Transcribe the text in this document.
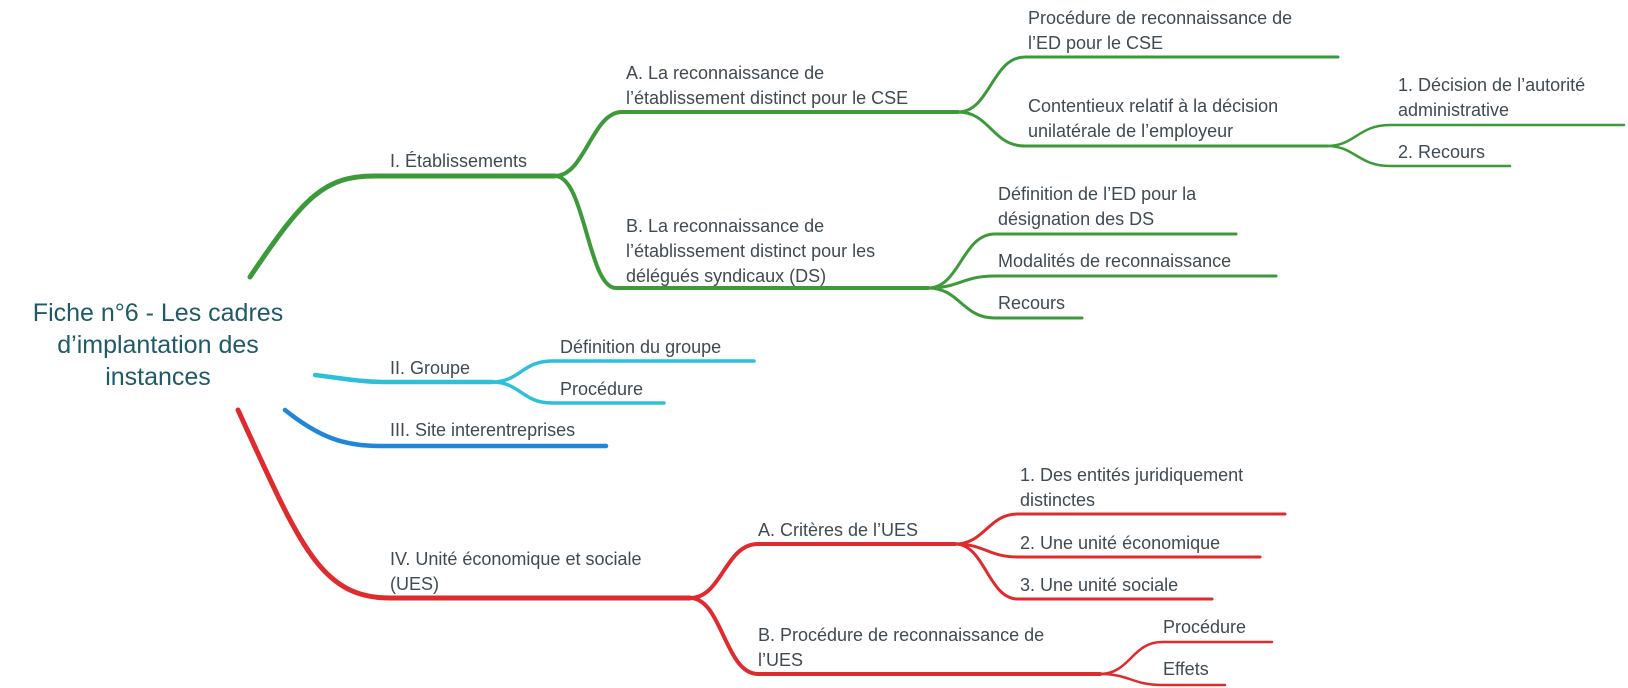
Fiche n°6 - Les cadres
d’implantation des
instances
I. Établissements
A. La reconnaissance de
l’établissement distinct pour le CSE
Procédure de reconnaissance de
l’ED pour le CSE
Contentieux relatif à la décision
unilatérale de l’employeur
1. Décision de l’autorité
administrative
2. Recours
B. La reconnaissance de
l’établissement distinct pour les
délégués syndicaux (DS)
Définition de l’ED pour la
désignation des DS
Modalités de reconnaissance
Recours
II. Groupe
Définition du groupe
Procédure
III. Site interentreprises
IV. Unité économique et sociale
(UES)
A. Critères de l’UES
1. Des entités juridiquement
distinctes
2. Une unité économique
3. Une unité sociale
B. Procédure de reconnaissance de
l’UES
Procédure
Effets
